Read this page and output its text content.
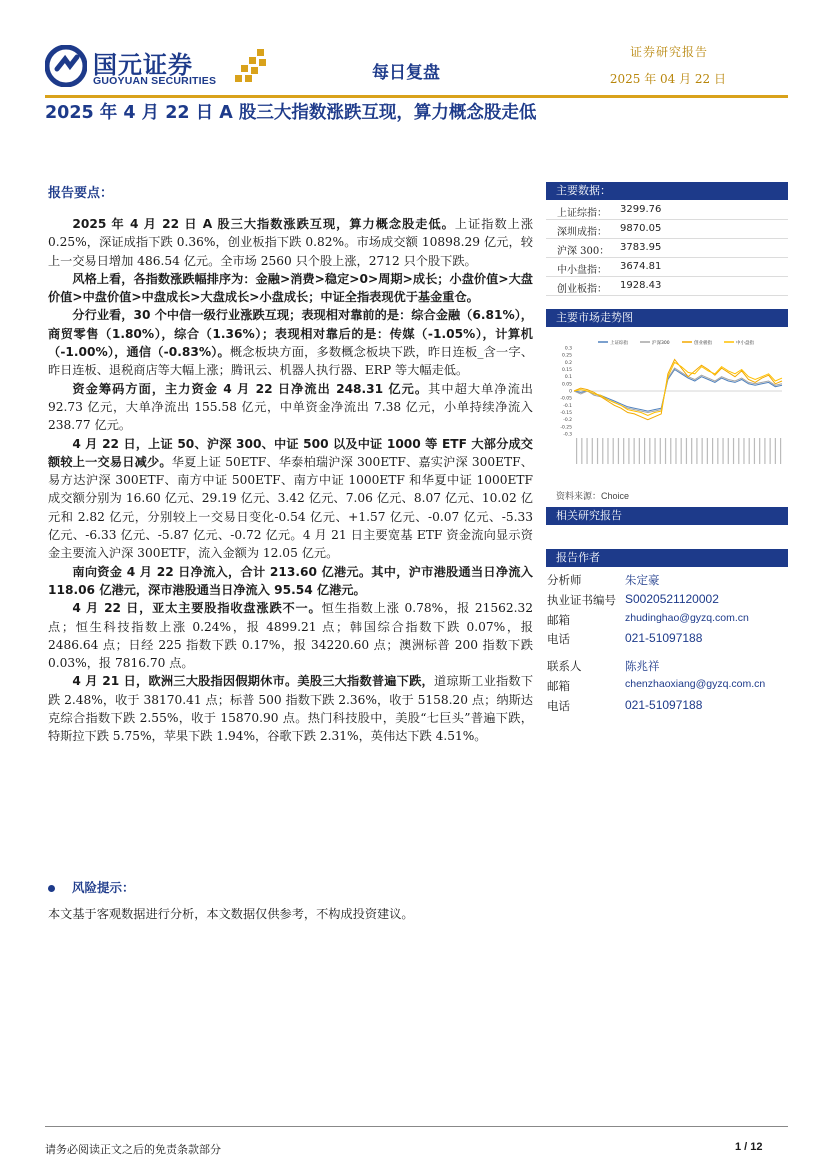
国元证券
GUOYUAN SECURITIES	每日复盘
证券研究报告
2025 年 04 月 22 日
2025 年 4 月 22 日 A 股三大指数涨跌互现，算力概念股走低
报告要点：

2025 年 4 月 22 日 A 股三大指数涨跌互现，算力概念股走低。上证指数上涨 0.25%，深证成指下跌 0.36%，创业板指下跌 0.82%。市场成交额 10898.29 亿元，较上一交易日增加 486.54 亿元。全市场 2560 只个股上涨，2712 只个股下跌。

风格上看，各指数涨跌幅排序为：金融>消费>稳定>0>周期>成长；小盘价值>大盘价值>中盘价值>中盘成长>大盘成长>小盘成长；中证全指表现优于基金重仓。

分行业看，30 个中信一级行业涨跌互现；表现相对靠前的是：综合金融（6.81%），商贸零售（1.80%），综合（1.36%）；表现相对靠后的是：传媒（-1.05%），计算机（-1.00%），通信（-0.83%）。概念板块方面，多数概念板块下跌，昨日连板_含一字、昨日连板、退税商店等大幅上涨；腾讯云、机器人执行器、ERP 等大幅走低。

资金筹码方面，主力资金 4 月 22 日净流出 248.31 亿元。其中超大单净流出 92.73 亿元，大单净流出 155.58 亿元，中单资金净流出 7.38 亿元，小单持续净流入 238.77 亿元。

4 月 22 日，上证 50、沪深 300、中证 500 以及中证 1000 等 ETF 大部分成交额较上一交易日减少。华夏上证 50ETF、华泰柏瑞沪深 300ETF、嘉实沪深 300ETF、易方达沪深 300ETF、南方中证 500ETF、南方中证 1000ETF 和华夏中证 1000ETF 成交额分别为 16.60 亿元、29.19 亿元、3.42 亿元、7.06 亿元、8.07 亿元、10.02 亿元和 2.82 亿元，分别较上一交易日变化-0.54 亿元、+1.57 亿元、-0.07 亿元、-5.33 亿元、-6.33 亿元、-5.87 亿元、-0.72 亿元。4 月 21 日主要宽基 ETF 资金流向显示资金主要流入沪深 300ETF，流入金额为 12.05 亿元。

南向资金 4 月 22 日净流入，合计 213.60 亿港元。其中，沪市港股通当日净流入 118.06 亿港元，深市港股通当日净流入 95.54 亿港元。

4 月 22 日，亚太主要股指收盘涨跌不一。恒生指数上涨 0.78%，报 21562.32 点；恒生科技指数上涨 0.24%，报 4899.21 点；韩国综合指数下跌 0.07%，报 2486.64 点；日经 225 指数下跌 0.17%，报 34220.60 点；澳洲标普 200 指数下跌 0.03%，报 7816.70 点。

4 月 21 日，欧洲三大股指因假期休市。美股三大指数普遍下跌，道琼斯工业指数下跌 2.48%，收于 38170.41 点；标普 500 指数下跌 2.36%，收于 5158.20 点；纳斯达克综合指数下跌 2.55%，收于 15870.90 点。热门科技股中，美股“七巨头”普遍下跌，特斯拉下跌 5.75%，苹果下跌 1.94%，谷歌下跌 2.31%，英伟达下跌 4.51%。

风险提示：
本文基于客观数据进行分析，本文数据仅供参考，不构成投资建议。
主要数据：
上证综指： 3299.76
深圳成指： 9870.05
沪深 300： 3783.95
中小盘指： 3674.81
创业板指： 1928.43
主要市场走势图
上证综指	沪深300	创业板指	中小盘指
0.3
0.25
0.2
0.15
0.1
0.05
0
-0.05
-0.1
-0.15
-0.2
-0.25
-0.3
资料来源：Choice
相关研究报告
报告作者
分析师	朱定豪
执业证书编号 S0020521120002
邮箱	zhudinghao@gyzq.com.cn
电话	021-51097188
联系人	陈兆祥
邮箱	chenzhaoxiang@gyzq.com.cn
电话	021-51097188
请务必阅读正文之后的免责条款部分	1 / 12
